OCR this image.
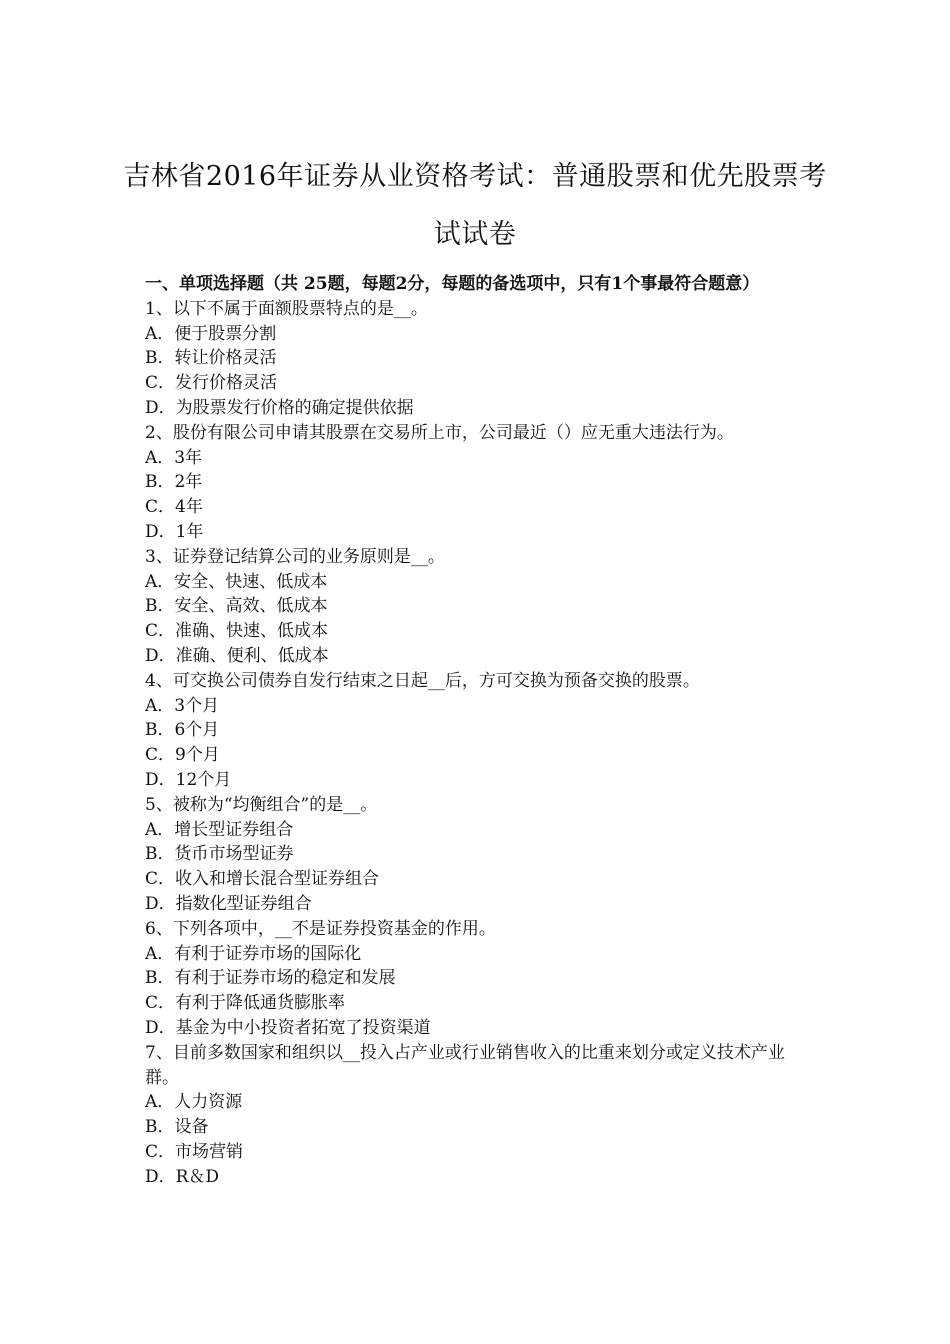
吉林省2016年证券从业资格考试：普通股票和优先股票考试试卷
一、单项选择题（共 25题，每题2分，每题的备选项中，只有1个事最符合题意）
1、以下不属于面额股票特点的是__。
A．便于股票分割
B．转让价格灵活
C．发行价格灵活
D．为股票发行价格的确定提供依据
2、股份有限公司申请其股票在交易所上市，公司最近（）应无重大违法行为。
A．3年
B．2年
C．4年
D．1年
3、证券登记结算公司的业务原则是__。
A．安全、快速、低成本
B．安全、高效、低成本
C．准确、快速、低成本
D．准确、便利、低成本
4、可交换公司债券自发行结束之日起__后，方可交换为预备交换的股票。
A．3个月
B．6个月
C．9个月
D．12个月
5、被称为“均衡组合”的是__。
A．增长型证券组合
B．货币市场型证券
C．收入和增长混合型证券组合
D．指数化型证券组合
6、下列各项中，__不是证券投资基金的作用。
A．有利于证券市场的国际化
B．有利于证券市场的稳定和发展
C．有利于降低通货膨胀率
D．基金为中小投资者拓宽了投资渠道
7、目前多数国家和组织以__投入占产业或行业销售收入的比重来划分或定义技术产业群。
A．人力资源
B．设备
C．市场营销
D．R＆D
